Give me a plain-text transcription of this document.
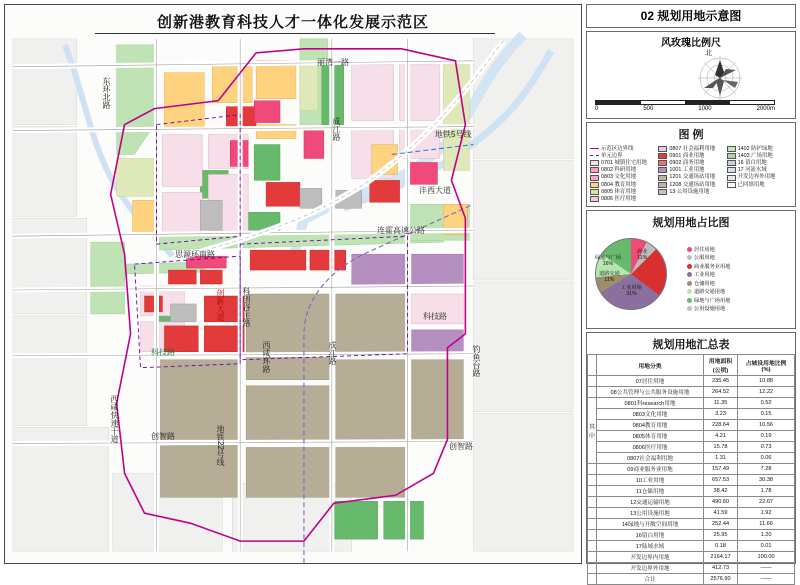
创新港教育科技人才一体化发展示范区
东环北路
丽湾一路
成江路	地铁5号线
沣西大道
连霍高速公路
思源环南路
科技路
科创谷主路
创新大道
西咸环路	成江路
科技路
钓鱼台路
创智路
创智路	地铁22号线
西咸快速干道
02 规划用地示意图
风玫瑰比例尺
北
0	500	1000	2000m
图 例
示范区边界线
单元边界
0701 城镇住宅用地
0802 科研用地
0803 文化用地
0804 教育用地
0805 体育用地
0806 医疗用地
0807 社会福利用地
0901 商业用地
0902 商务用地
1001 工业用地
1201 交通场站用地
1208 交通场站用地
13 公用设施用地
1402 防护绿地
1403 广场用地
16 留白用地
17 河流水域
开发边界外用地
已回填用地
规划用地占比图
工业用地
31%
商业
11%
道路交通
11%
绿地与广场
16%
居住用地
公服用地
商业服务业用地
工业用地
仓储用地
道路交通用地
绿地与广场用地
公用设施用地
规划用地汇总表
	用地分类	用地面积
(公顷)	占城设用地比例
(%)
	07居住用地	235.45	10.88
	08公共管理与公共服务设施用地	264.52	12.22
其
中	0801科research用地	11.35	0.52
	0803文化用地	3.23	0.15
	0804教育用地	228.64	10.56
	0805体育用地	4.21	0.19
	0806医疗用地	15.78	0.73
	0807社会福利用地	1.31	0.06
	09商业服务业用地	157.49	7.28
	10工业用地	657.53	30.38
	11仓储用地	38.42	1.78
	12交通运输用地	490.60	22.67
	13公用设施用地	41.59	1.92
	14绿地与开敞空间用地	252.44	11.66
	16留白用地	25.95	1.20
	17陆域水域	0.18	0.01
	开发边界内用地	2164.17	100.00
	开发边界外用地	412.73	——
	合计	2576.90	——
